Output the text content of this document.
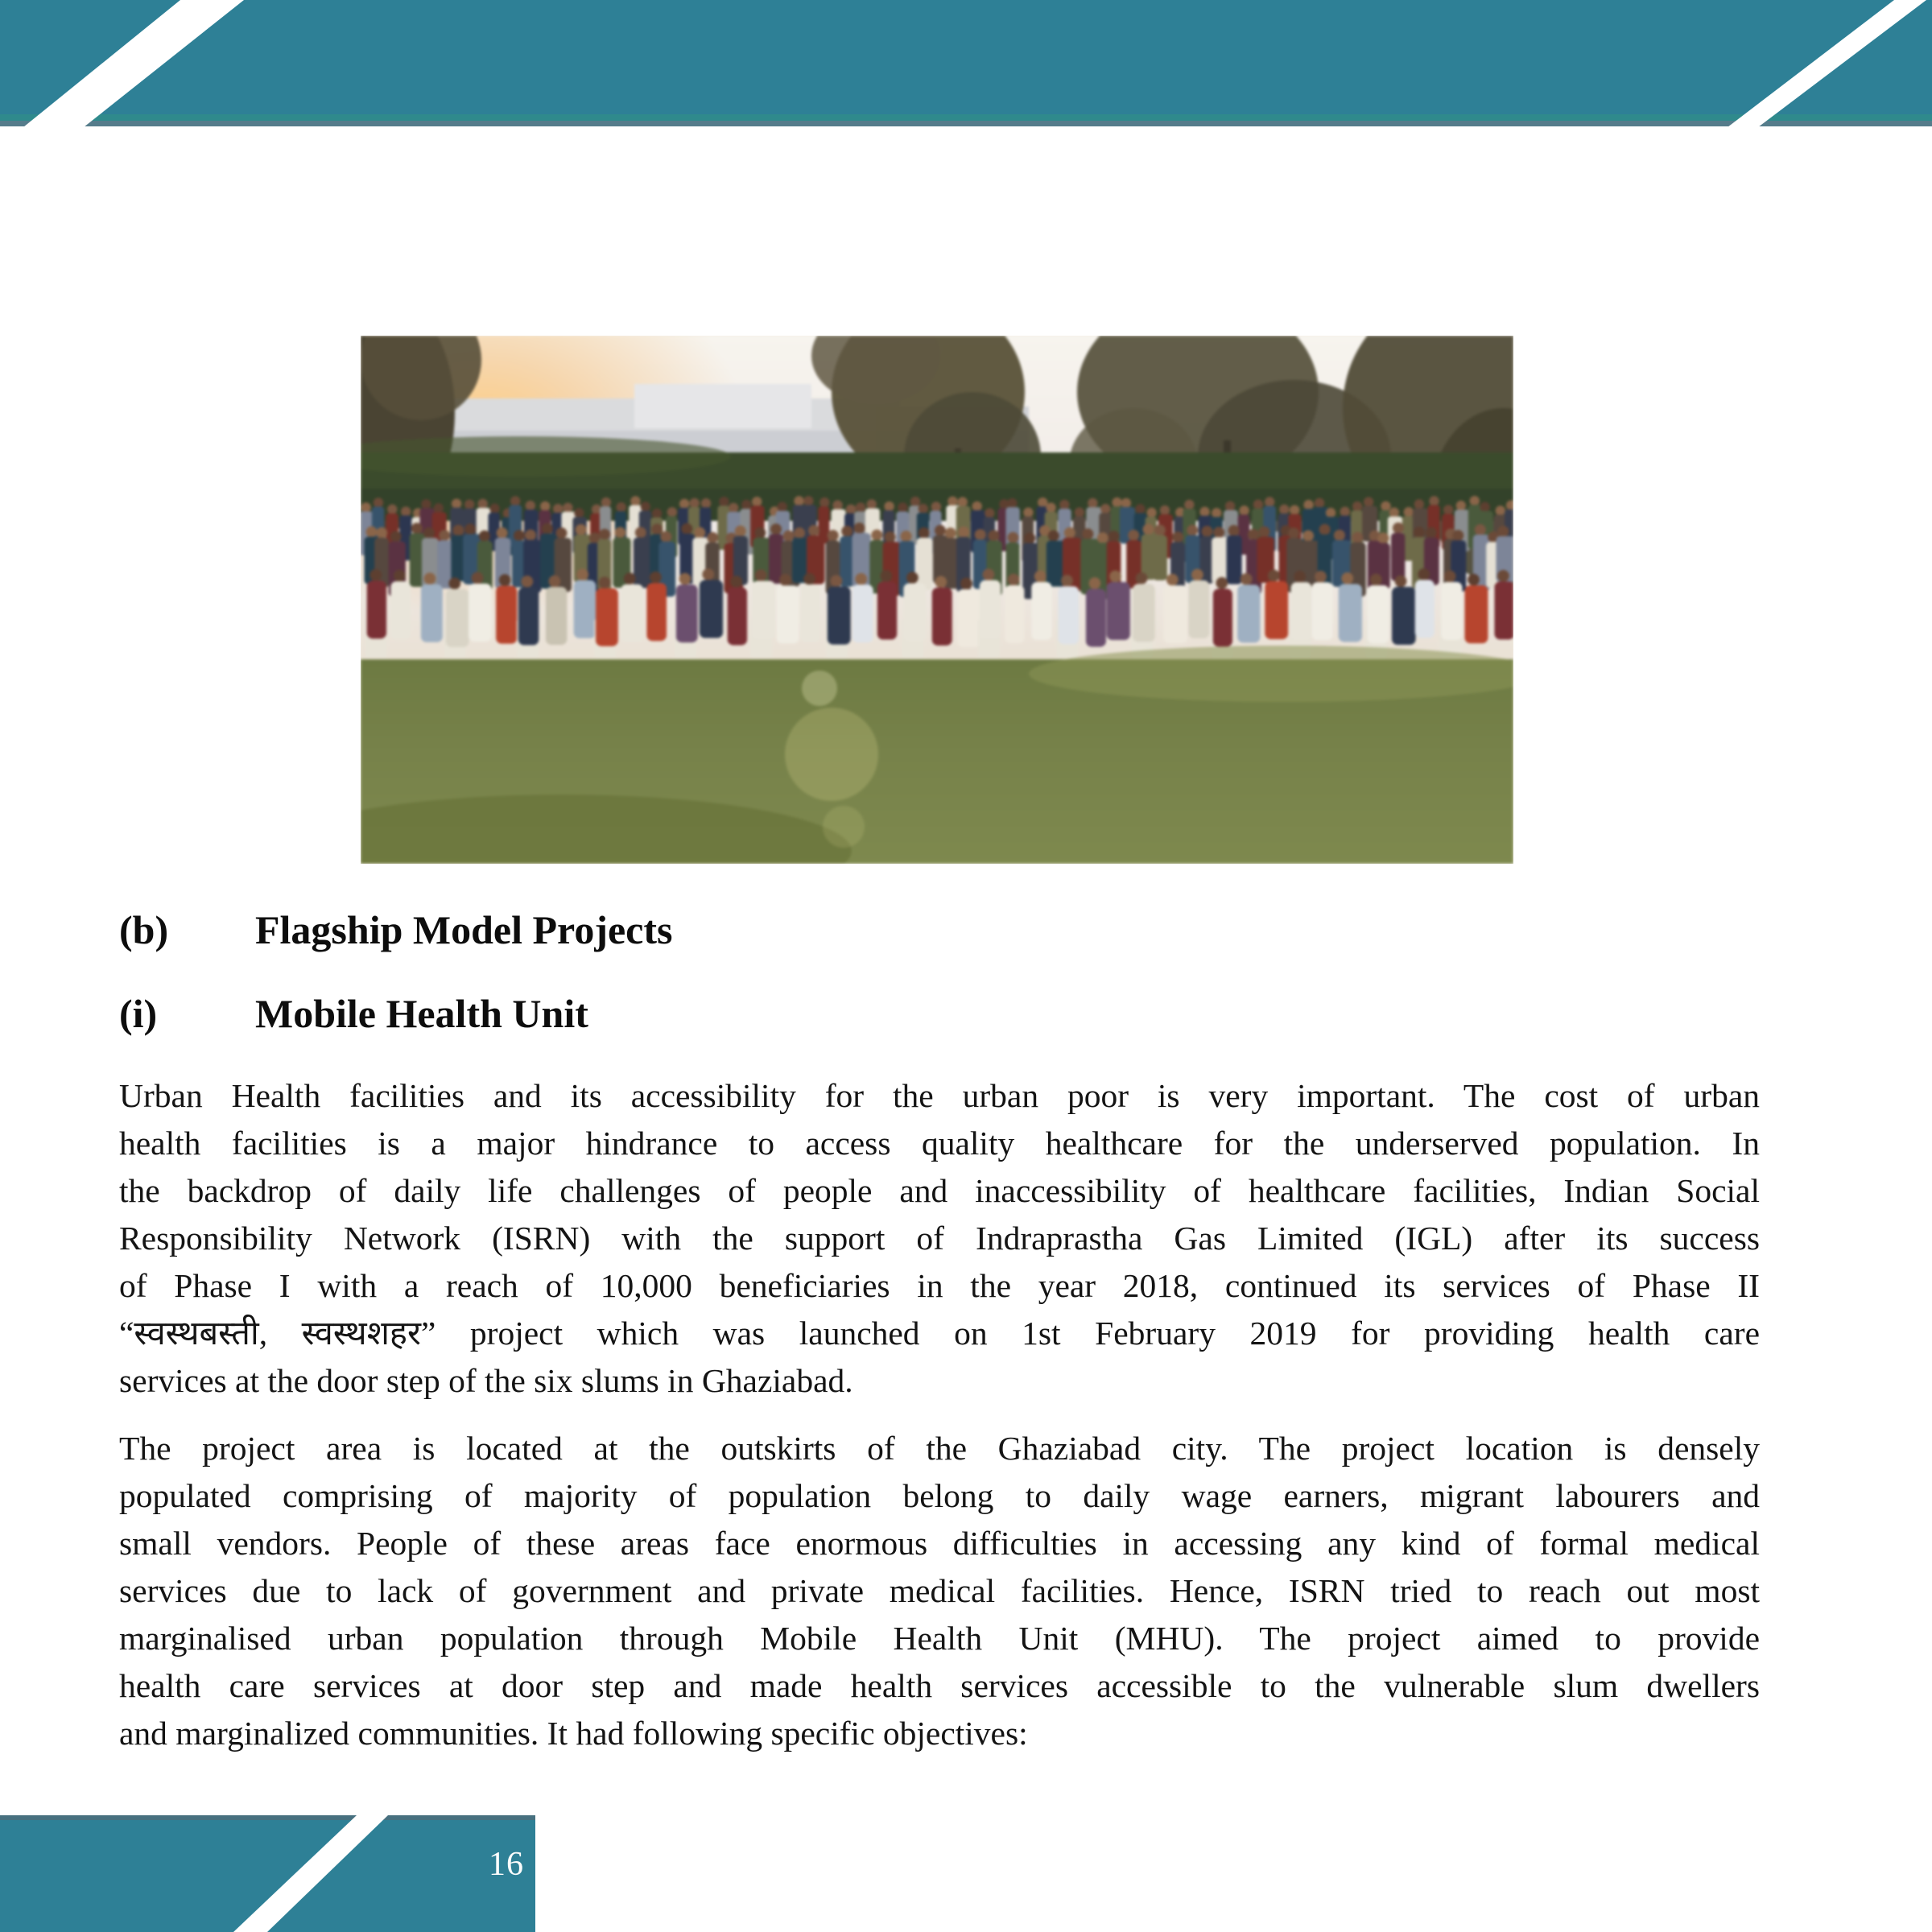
(b)	Flagship Model Projects
(i)	Mobile Health Unit
Urban Health facilities and its accessibility for the urban poor is very important. The cost of urban
health facilities is a major hindrance to access quality healthcare for the underserved population. In
the backdrop of daily life challenges of people and inaccessibility of healthcare facilities, Indian Social
Responsibility Network (ISRN) with the support of Indraprastha Gas Limited (IGL) after its success
of Phase I with a reach of 10,000 beneficiaries in the year 2018, continued its services of Phase II
“स्वस्थबस्ती, स्वस्थशहर” project which was launched on 1st February 2019 for providing health care
services at the door step of the six slums in Ghaziabad.
The project area is located at the outskirts of the Ghaziabad city. The project location is densely
populated comprising of majority of population belong to daily wage earners, migrant labourers and
small vendors. People of these areas face enormous difficulties in accessing any kind of formal medical
services due to lack of government and private medical facilities. Hence, ISRN tried to reach out most
marginalised urban population through Mobile Health Unit (MHU). The project aimed to provide
health care services at door step and made health services accessible to the vulnerable slum dwellers
and marginalized communities. It had following specific objectives:
16
